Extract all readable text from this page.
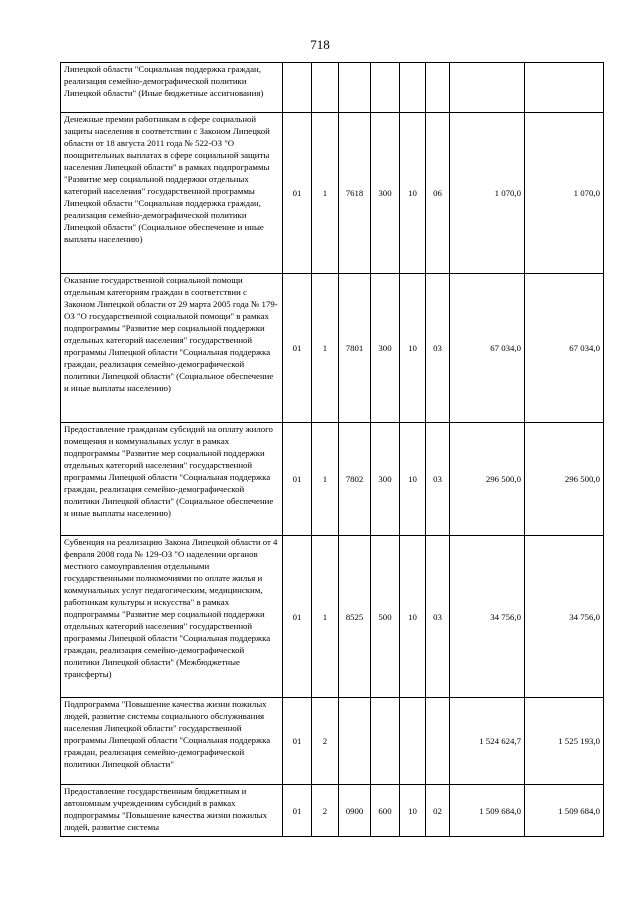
718
Липецкой области "Социальная поддержка граждан, реализация семейно-демографической политики Липецкой области" (Иные бюджетные ассигнования)								
Денежные премии работникам в сфере социальной защиты населения в соответствии с Законом Липецкой области от 18 августа 2011 года № 522-ОЗ "О поощрительных выплатах в сфере социальной защиты населения Липецкой области" в рамках подпрограммы "Развитие мер социальной поддержки отдельных категорий населения" государственной программы Липецкой области "Социальная поддержка граждан, реализация семейно-демографической политики Липецкой области" (Социальное обеспечение и иные выплаты населению)	01	1	7618	300	10	06	1 070,0	1 070,0
Оказание государственной социальной помощи отдельным категориям граждан в соответствии с Законом Липецкой области от 29 марта 2005 года № 179-ОЗ "О государственной социальной помощи" в рамках подпрограммы "Развитие мер социальной поддержки отдельных категорий населения" государственной программы Липецкой области "Социальная поддержка граждан, реализация семейно-демографической политики Липецкой области" (Социальное обеспечение и иные выплаты населению)	01	1	7801	300	10	03	67 034,0	67 034,0
Предоставление гражданам субсидий на оплату жилого помещения и коммунальных услуг в рамках подпрограммы "Развитие мер социальной поддержки отдельных категорий населения" государственной программы Липецкой области "Социальная поддержка граждан, реализация семейно-демографической политики Липецкой области" (Социальное обеспечение и иные выплаты населению)	01	1	7802	300	10	03	296 500,0	296 500,0
Субвенция на реализацию Закона Липецкой области от 4 февраля 2008 года № 129-ОЗ "О наделении органов местного самоуправления отдельными государственными полномочиями по оплате жилья и коммунальных услуг педагогическим, медицинским, работникам культуры и искусства" в рамках подпрограммы "Развитие мер социальной поддержки отдельных категорий населения" государственной программы Липецкой области "Социальная поддержка граждан, реализация семейно-демографической политики Липецкой области" (Межбюджетные трансферты)	01	1	8525	500	10	03	34 756,0	34 756,0
Подпрограмма "Повышение качества жизни пожилых людей, развитие системы социального обслуживания населения Липецкой области" государственной программы Липецкой области "Социальная поддержка граждан, реализация семейно-демографической политики Липецкой области"	01	2					1 524 624,7	1 525 193,0
Предоставление государственным бюджетным и автономным учреждениям субсидий в рамках подпрограммы "Повышение качества жизни пожилых людей, развитие системы	01	2	0900	600	10	02	1 509 684,0	1 509 684,0
